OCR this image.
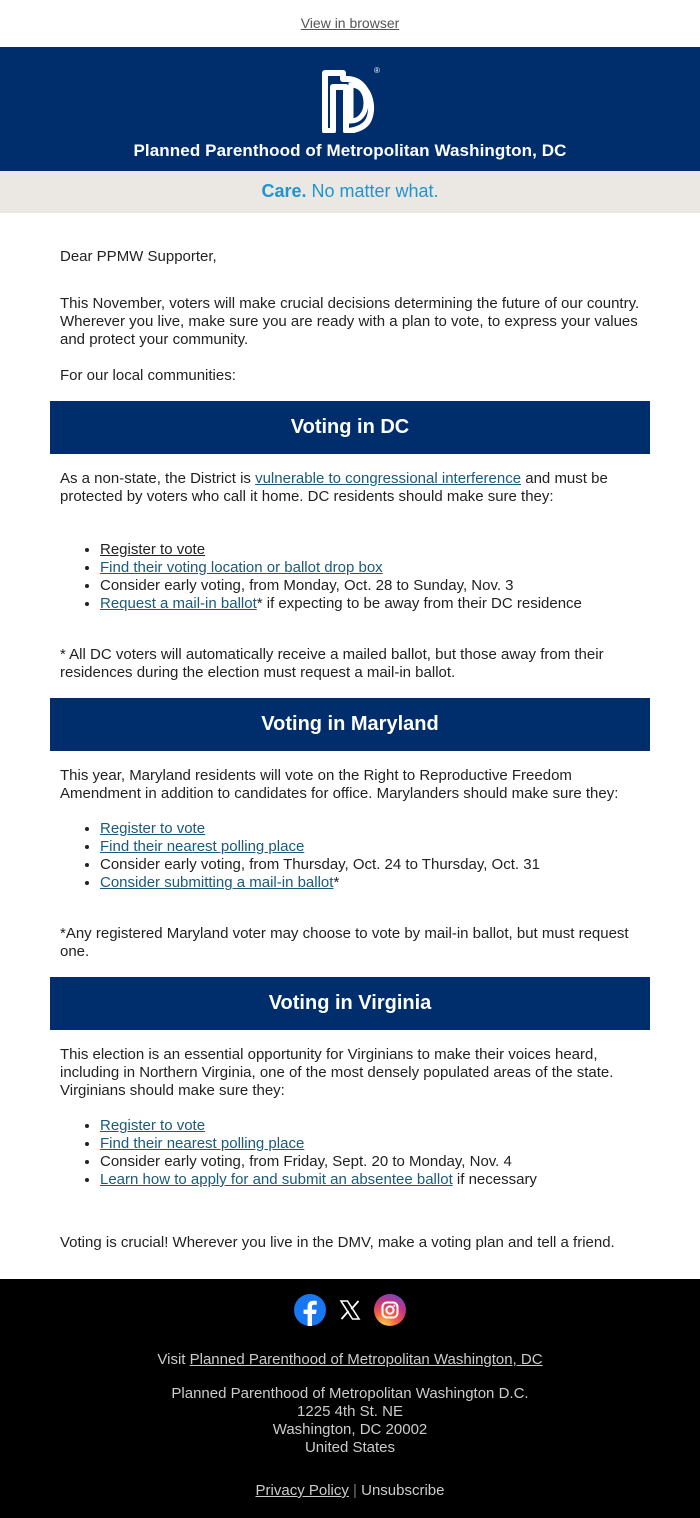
View in browser
®
Planned Parenthood of Metropolitan Washington, DC
Care. No matter what.

Dear PPMW Supporter,

This November, voters will make crucial decisions determining the future of our country. Wherever you live, make sure you are ready with a plan to vote, to express your values and protect your community.

For our local communities:

Voting in DC

As a non-state, the District is vulnerable to congressional interference and must be protected by voters who call it home. DC residents should make sure they:

• Register to vote
• Find their voting location or ballot drop box
• Consider early voting, from Monday, Oct. 28 to Sunday, Nov. 3
• Request a mail-in ballot* if expecting to be away from their DC residence

* All DC voters will automatically receive a mailed ballot, but those away from their residences during the election must request a mail-in ballot.

Voting in Maryland

This year, Maryland residents will vote on the Right to Reproductive Freedom Amendment in addition to candidates for office. Marylanders should make sure they:

• Register to vote
• Find their nearest polling place
• Consider early voting, from Thursday, Oct. 24 to Thursday, Oct. 31
• Consider submitting a mail-in ballot*

*Any registered Maryland voter may choose to vote by mail-in ballot, but must request one.

Voting in Virginia

This election is an essential opportunity for Virginians to make their voices heard, including in Northern Virginia, one of the most densely populated areas of the state. Virginians should make sure they:

• Register to vote
• Find their nearest polling place
• Consider early voting, from Friday, Sept. 20 to Monday, Nov. 4
• Learn how to apply for and submit an absentee ballot if necessary

Voting is crucial! Wherever you live in the DMV, make a voting plan and tell a friend.

Visit Planned Parenthood of Metropolitan Washington, DC
Planned Parenthood of Metropolitan Washington D.C.
1225 4th St. NE
Washington, DC 20002
United States
Privacy Policy | Unsubscribe
